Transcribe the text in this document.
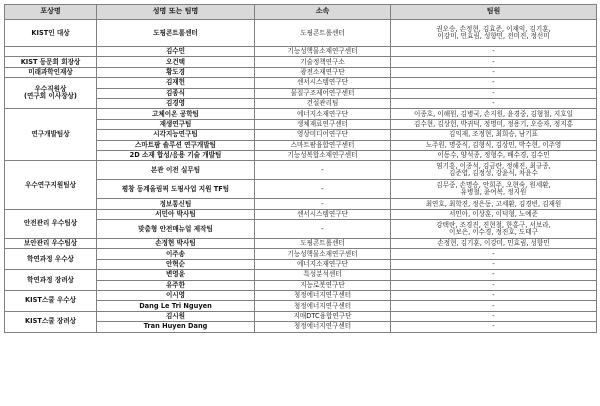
포상명	성명 또는 팀명	소속	팀원
KIST인 대상	도핑콘트롤센터	도핑콘트롤센터	권오승, 손정현, 김효준, 이재익, 김기훈,
이강미, 민효림, 성향민, 전미진, 정선미

	김수민	기능성핵물소재연구센터	-
KIST 동문회 회장상	오건택	기술정책연구소	-
미래과학인재상	황도경	광전소재연구단	-

우수직원상
(연구회 이사장상)	김재헌	센서시스템연구단	-
	김종식	물질구조제어연구센터	-
	김경영	건설관리팀	-
연구개발팀상	고체이온 공학팀	에너지소재연구단	이종호, 이해원, 김병국, 손지원, 윤경중, 김형철, 지호일
	재생연구팀	생체재료연구센터	김수현, 김상헌, 박귀덕, 정명미, 정용기, 오승자, 정지홍
	시각지능연구팀	영상미디어연구단	김익재, 조정현, 최희승, 남기표
	스마트팜 솔루션 연구개발팀	스마트팜융합연구센터	노주원, 명중식, 김형식, 김상민, 박수현, 이주영
	2D 소재 합성/응용 기술 개발팀	기능성복합소재연구센터	이동수, 양석종, 정형수, 배수경, 김수민
우수연구지원팀상	본관 이전 실무팀	-	염기흥, 이종석, 김금란, 정해진, 최규종,
김준엽, 김정성, 강윤식, 차윤수

	평창 동계올림픽 도핑사업 지원 TF팀	-	김무중, 손명승, 안희주, 오현숙, 원세환,
유병철, 윤여복, 정지원

	정보통신팀	-	최연호, 최학진, 정은동, 고세환, 김경빈, 김재원
안전관리 우수팀상	서민아 박사팀	센서시스템연구단	서민아, 이상훈, 이덕형, 노예준
	맞춤형 안전매뉴얼 제작팀	-	강택란, 조경진, 진현철, 한홍구, 서보라,
이보은, 이수경, 정진호, 도태구

보안관리 우수팀상	손정현 박사팀	도핑콘트롤센터	손정현, 김기훈, 이강미, 민효림, 성향민
학연과정 우수상	이주송	기능성핵물소재연구센터	-
	안혁순	에너지소재연구단	-
학연과정 장려상	변영윤	특성분석센터	-
	유주한	지능로봇연구단	-
KIST스쿨 우수상	이시영	청정에너지연구센터	-
	Dang Le Tri Nguyen	청정에너지연구센터	-
KIST스쿨 장려상	김시원	지매DTC융합연구단	-
	Tran Huyen Dang	청정에너지연구센터	-
